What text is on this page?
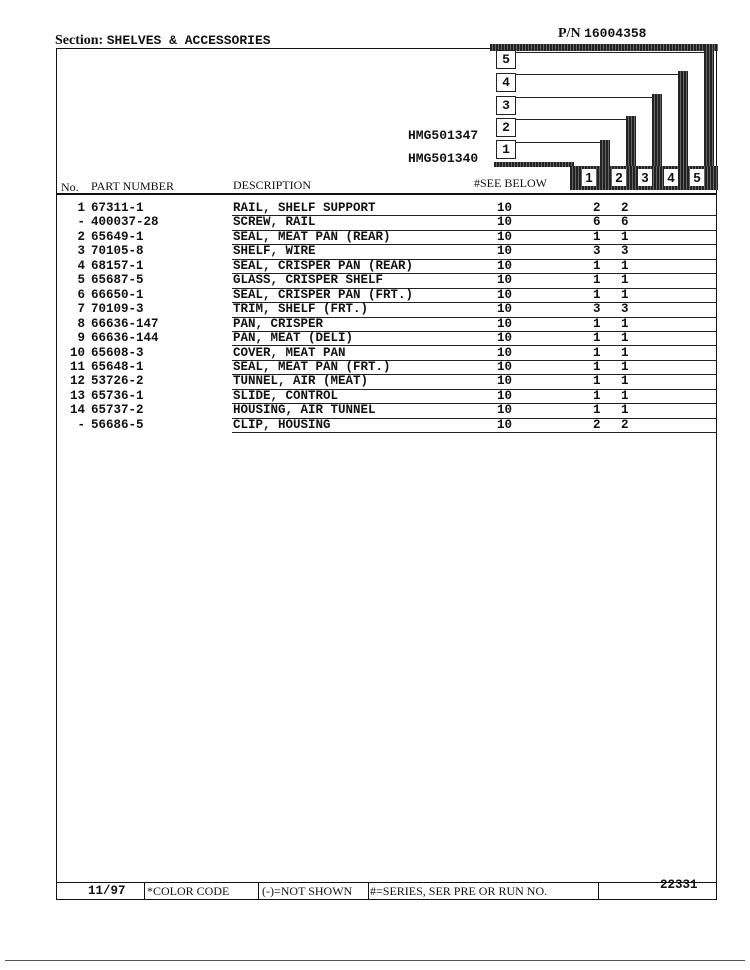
Section: SHELVES & ACCESSORIES	P/N 16004358
5
4
3
2
1
HMG501347
HMG501340
No. PART NUMBER	DESCRIPTION	#SEE BELOW	1 2 3 4 5
1 67311-1	RAIL, SHELF SUPPORT	10	2 2
- 400037-28	SCREW, RAIL	10	6 6
2 65649-1	SEAL, MEAT PAN (REAR)	10	1 1
3 70105-8	SHELF, WIRE	10	3 3
4 68157-1	SEAL, CRISPER PAN (REAR)	10	1 1
5 65687-5	GLASS, CRISPER SHELF	10	1 1
6 66650-1	SEAL, CRISPER PAN (FRT.)	10	1 1
7 70109-3	TRIM, SHELF (FRT.)	10	3 3
8 66636-147	PAN, CRISPER	10	1 1
9 66636-144	PAN, MEAT (DELI)	10	1 1
10 65608-3	COVER, MEAT PAN	10	1 1
11 65648-1	SEAL, MEAT PAN (FRT.)	10	1 1
12 53726-2	TUNNEL, AIR (MEAT)	10	1 1
13 65736-1	SLIDE, CONTROL	10	1 1
14 65737-2	HOUSING, AIR TUNNEL	10	1 1
- 56686-5	CLIP, HOUSING	10	2 2
11/97 *COLOR CODE	(-)=NOT SHOWN #=SERIES, SER PRE OR RUN NO.	22331
